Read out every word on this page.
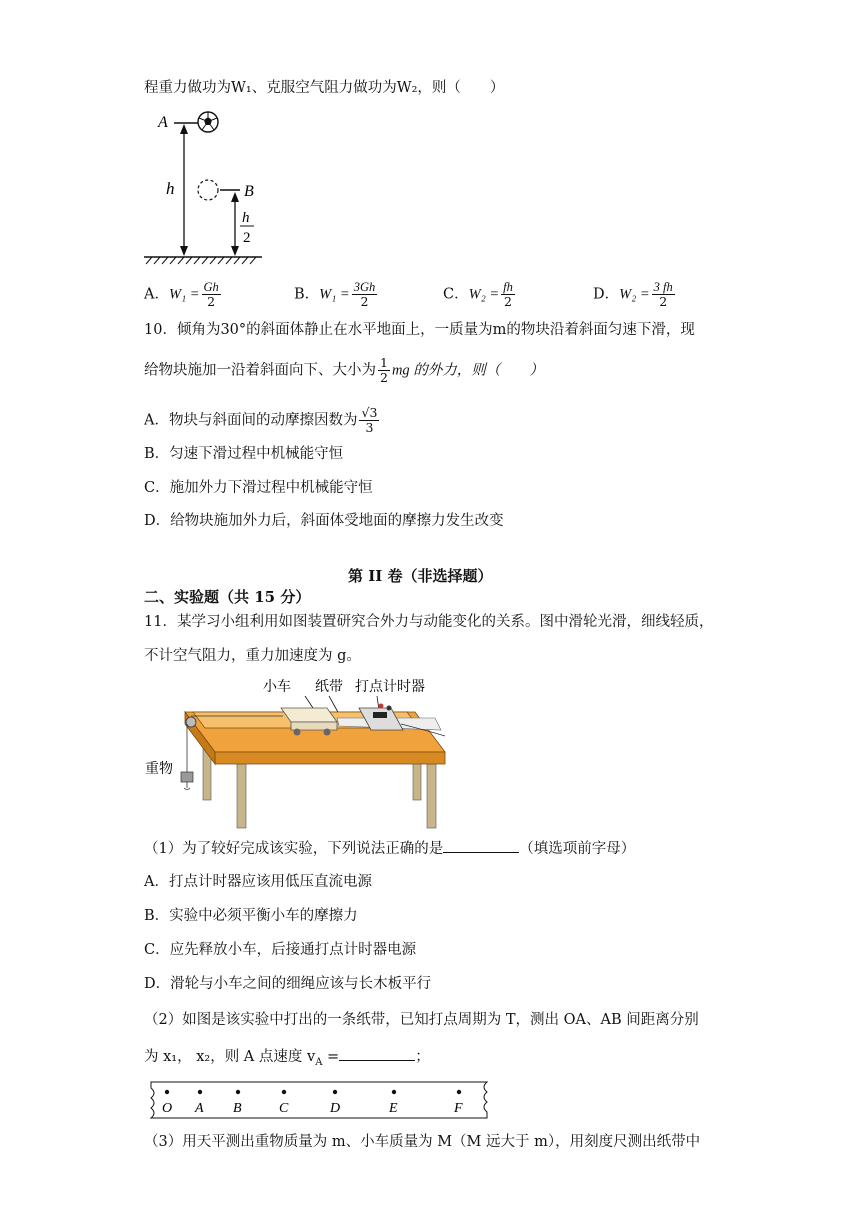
程重力做功为W₁、克服空气阻力做功为W₂，则（　　）
A
h	B
h
2
A．$W_1 = \frac{Gh}{2}$	B．$W_1 = \frac{3Gh}{2}$	C．$W_2 = \frac{fh}{2}$	D．$W_2 = \frac{3 fh}{2}$
10．倾角为30°的斜面体静止在水平地面上，一质量为m的物块沿着斜面匀速下滑，现
给物块施加一沿着斜面向下、大小为 $\frac{1}{2}$ mg 的外力，则（　　）
A．物块与斜面间的动摩擦因数为 $\frac{√3}{3}$
B．匀速下滑过程中机械能守恒
C．施加外力下滑过程中机械能守恒
D．给物块施加外力后，斜面体受地面的摩擦力发生改变
第 II 卷（非选择题）
二、实验题（共 15 分）
11．某学习小组利用如图装置研究合外力与动能变化的关系。图中滑轮光滑，细线轻质，
不计空气阻力，重力加速度为 g。
小车 纸带 打点计时器
重物
（1）为了较好完成该实验，下列说法正确的是	（填选项前字母）
A．打点计时器应该用低压直流电源
B．实验中必须平衡小车的摩擦力
C．应先释放小车，后接通打点计时器电源
D．滑轮与小车之间的细绳应该与长木板平行
（2）如图是该实验中打出的一条纸带，已知打点周期为 T，测出 OA、AB 间距离分别
为 x₁， x₂，则 A 点速度 $v_A$ =	；
O A B	C	D	E	F
（3）用天平测出重物质量为 m、小车质量为 M（M 远大于 m），用刻度尺测出纸带中
